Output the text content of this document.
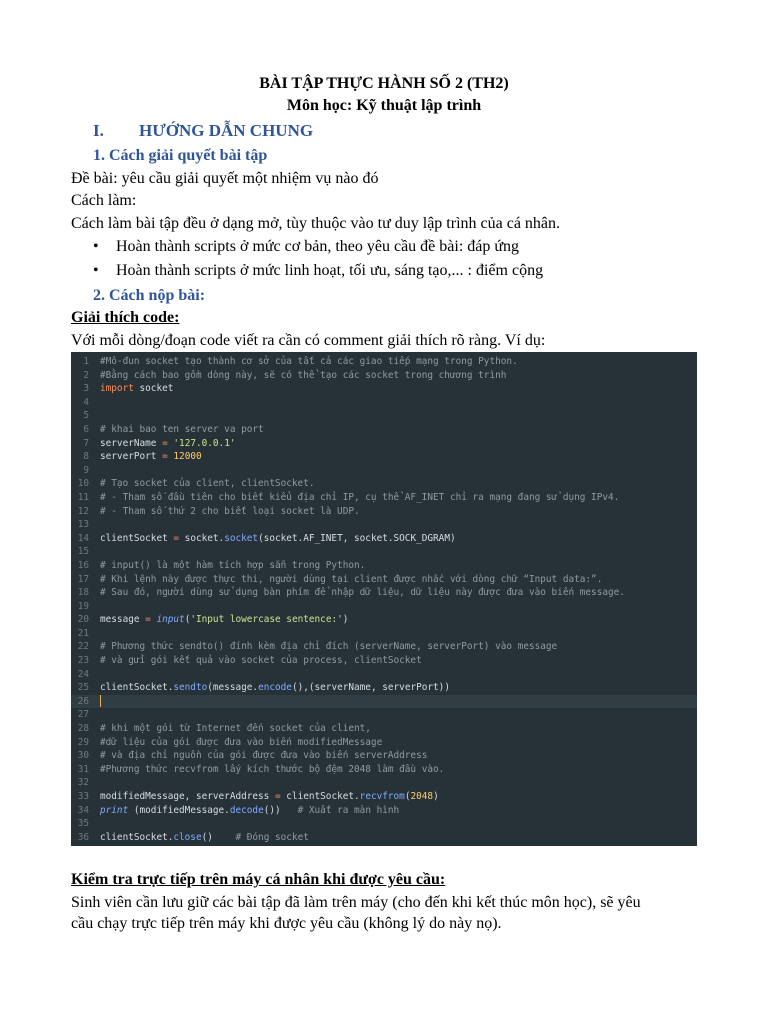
BÀI TẬP THỰC HÀNH SỐ 2 (TH2)
Môn học: Kỹ thuật lập trình
I. HƯỚNG DẪN CHUNG
1. Cách giải quyết bài tập
Đề bài: yêu cầu giải quyết một nhiệm vụ nào đó
Cách làm:
Cách làm bài tập đều ở dạng mở, tùy thuộc vào tư duy lập trình của cá nhân.
• Hoàn thành scripts ở mức cơ bản, theo yêu cầu đề bài: đáp ứng
• Hoàn thành scripts ở mức linh hoạt, tối ưu, sáng tạo,... : điểm cộng
2. Cách nộp bài:
Giải thích code:
Với mỗi dòng/đoạn code viết ra cần có comment giải thích rõ ràng. Ví dụ:
1 #Mô-đun socket tạo thành cơ sở của tất cả các giao tiếp mạng trong Python.
2 #Bằng cách bao gồm dòng này, sẽ có thể tạo các socket trong chương trình
3 import socket
4
5
6 # khai bao ten server va port
7 serverName = '127.0.0.1'
8 serverPort = 12000
9
10 # Tạo socket của client, clientSocket.
11 # - Tham số đầu tiên cho biết kiểu địa chỉ IP, cụ thể AF_INET chỉ ra mạng đang sử dụng IPv4.
12 # - Tham số thứ 2 cho biết loại socket là UDP.
13
14 clientSocket = socket.socket(socket.AF_INET, socket.SOCK_DGRAM)
15
16 # input() là một hàm tích hợp sẵn trong Python.
17 # Khi lệnh này được thực thi, người dùng tại client được nhắc với dòng chữ “Input data:”.
18 # Sau đó, người dùng sử dụng bàn phím để nhập dữ liệu, dữ liệu này được đưa vào biến message.
19
20 message = input('Input lowercase sentence:')
21
22 # Phương thức sendto() đính kèm địa chỉ đích (serverName, serverPort) vào message
23 # và gửi gói kết quả vào socket của process, clientSocket
24
25 clientSocket.sendto(message.encode(),(serverName, serverPort))
26
27
28 # khi một gói từ Internet đến socket của client,
29 #dữ liệu của gói được đưa vào biến modifiedMessage
30 # và địa chỉ nguồn của gói được đưa vào biến serverAddress
31 #Phương thức recvfrom lấy kích thước bộ đệm 2048 làm đầu vào.
32
33 modifiedMessage, serverAddress = clientSocket.recvfrom(2048)
34 print (modifiedMessage.decode())   # Xuất ra màn hình
35
36 clientSocket.close()    # Đóng socket
Kiểm tra trực tiếp trên máy cá nhân khi được yêu cầu:
Sinh viên cần lưu giữ các bài tập đã làm trên máy (cho đến khi kết thúc môn học), sẽ yêu
cầu chạy trực tiếp trên máy khi được yêu cầu (không lý do này nọ).
